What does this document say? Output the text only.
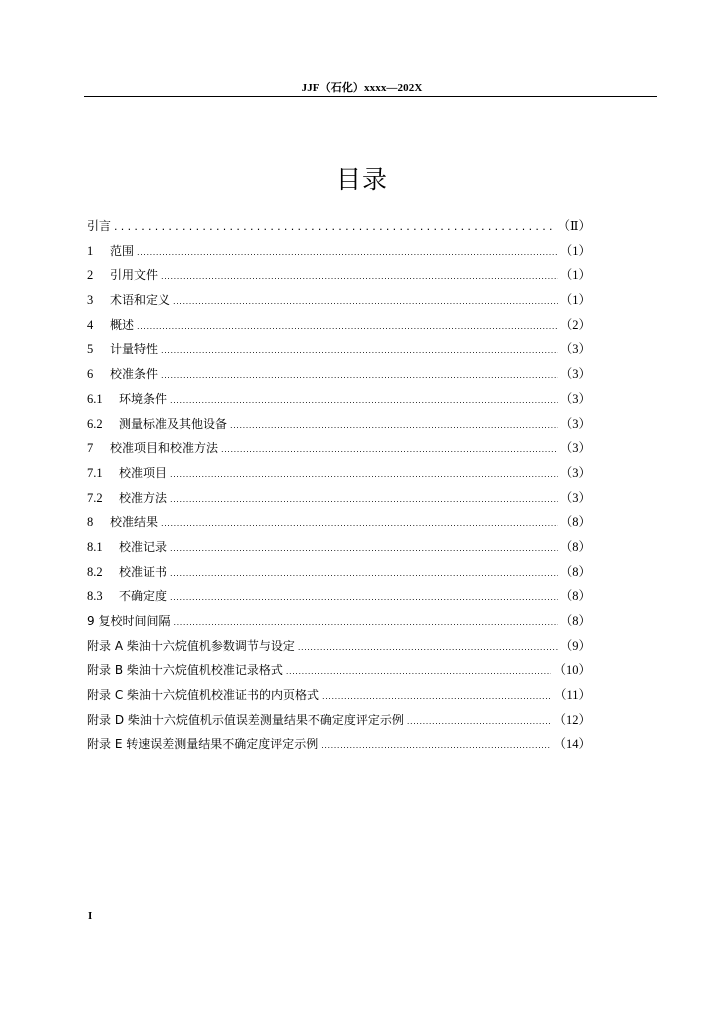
JJF（石化）xxxx—202X
目录
引言 .....	（Ⅱ）
1	范围 .....	（1）
2	引用文件 .....	（1）
3	术语和定义 .....	（1）
4	概述 .....	（2）
5	计量特性 .....	（3）
6	校准条件 .....	（3）
6.1	环境条件 .....	（3）
6.2	测量标准及其他设备 .....	（3）
7	校准项目和校准方法 .....	（3）
7.1	校准项目 .....	（3）
7.2	校准方法 .....	（3）
8	校准结果 .....	（8）
8.1	校准记录 .....	（8）
8.2	校准证书 .....	（8）
8.3	不确定度 .....	（8）
9 复校时间间隔 .....	（8）
附录 A 柴油十六烷值机参数调节与设定 .....	（9）
附录 B 柴油十六烷值机校准记录格式 .....	（10）
附录 C 柴油十六烷值机校准证书的内页格式 .....	（11）
附录 D 柴油十六烷值机示值误差测量结果不确定度评定示例 .....	（12）
附录 E 转速误差测量结果不确定度评定示例 .....	（14）
I
